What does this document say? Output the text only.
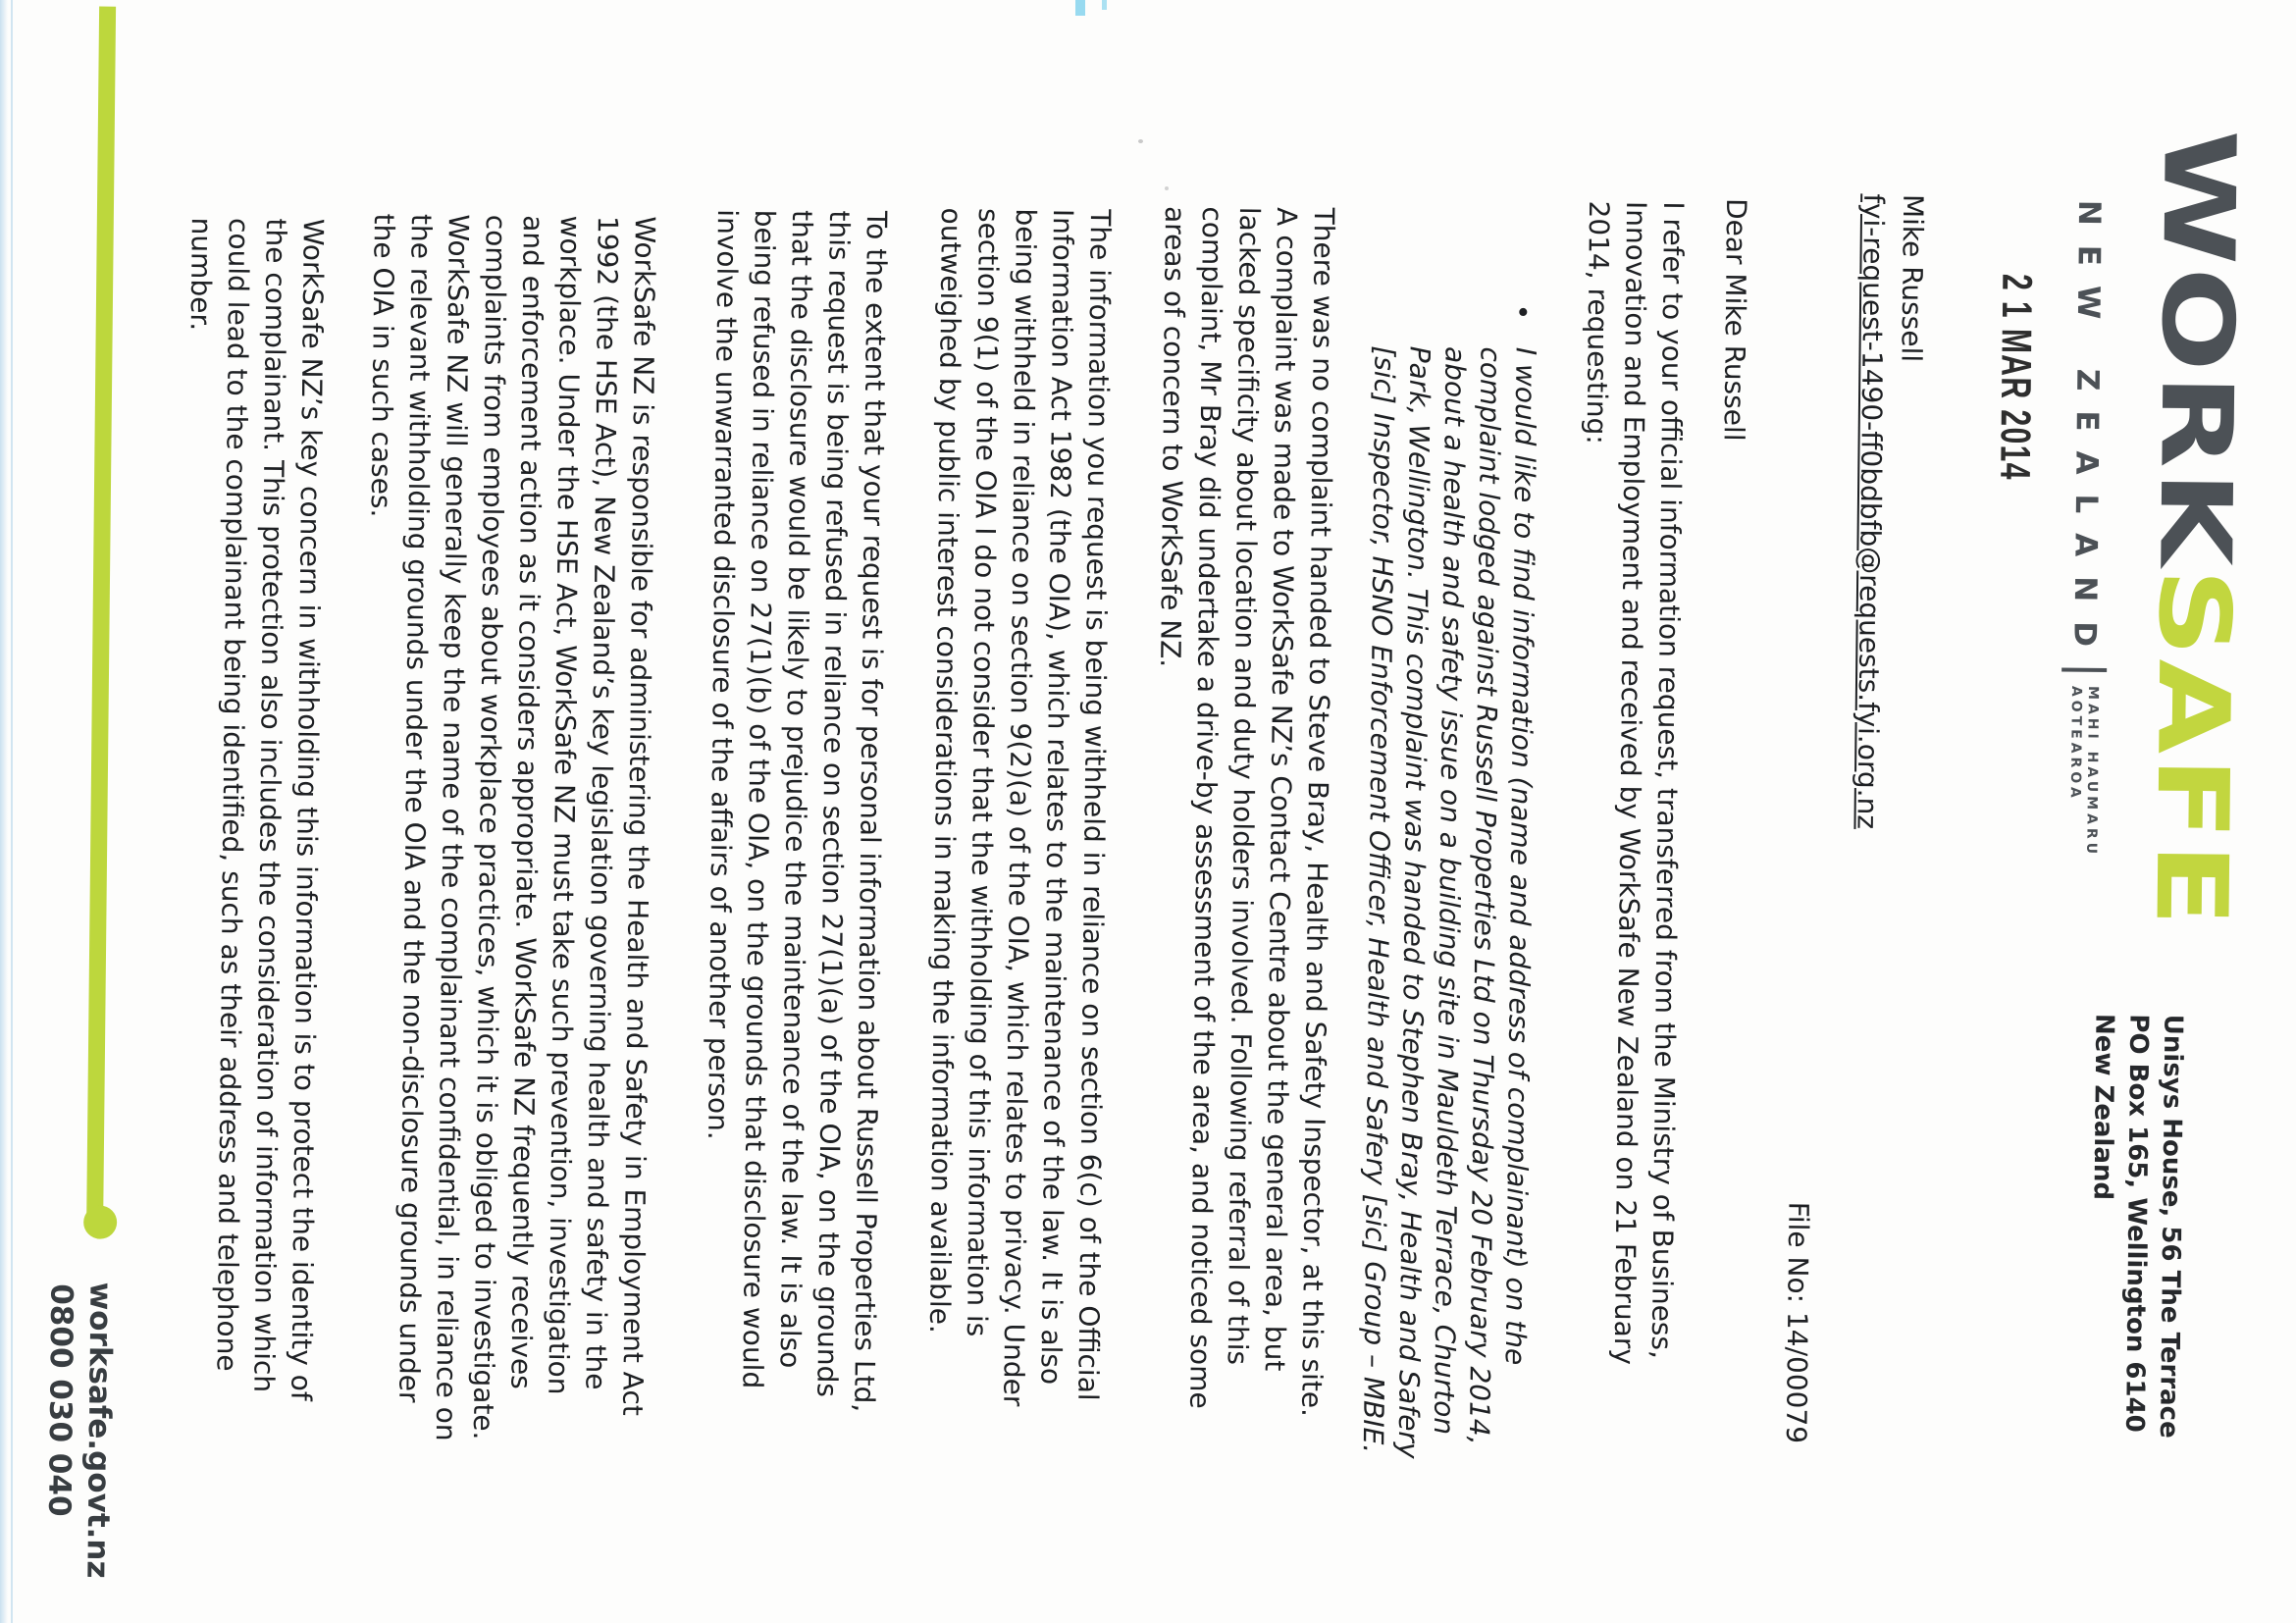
WORKSAFE
NEW ZEALAND
MAHI HAUMARU
AOTEAROA
Unisys House, 56 The Terrace
PO Box 165, Wellington 6140
New Zealand
2 1 MAR 2014
Mike Russell
fyi-request-1490-ff0bdbfb@requests.fyi.org.nz
File No: 14/00079
Dear Mike Russell
I refer to your official information request, transferred from the Ministry of Business,
Innovation and Employment and received by WorkSafe New Zealand on 21 February
2014, requesting:
•
I would like to find information (name and address of complainant) on the
complaint lodged against Russell Properties Ltd on Thursday 20 February 2014,
about a health and safety issue on a building site in Mauldeth Terrace, Churton
Park, Wellington. This complaint was handed to Stephen Bray, Health and Safery
[sic] Inspector, HSNO Enforcement Officer, Health and Safery [sic] Group – MBIE.
There was no complaint handed to Steve Bray, Health and Safety Inspector, at this site.
A complaint was made to WorkSafe NZ’s Contact Centre about the general area, but
lacked specificity about location and duty holders involved. Following referral of this
complaint, Mr Bray did undertake a drive-by assessment of the area, and noticed some
areas of concern to WorkSafe NZ.
The information you request is being withheld in reliance on section 6(c) of the Official
Information Act 1982 (the OIA), which relates to the maintenance of the law. It is also
being withheld in reliance on section 9(2)(a) of the OIA, which relates to privacy. Under
section 9(1) of the OIA I do not consider that the withholding of this information is
outweighed by public interest considerations in making the information available.
To the extent that your request is for personal information about Russell Properties Ltd,
this request is being refused in reliance on section 27(1)(a) of the OIA, on the grounds
that the disclosure would be likely to prejudice the maintenance of the law. It is also
being refused in reliance on 27(1)(b) of the OIA, on the grounds that disclosure would
involve the unwarranted disclosure of the affairs of another person.
WorkSafe NZ is responsible for administering the Health and Safety in Employment Act
1992 (the HSE Act), New Zealand’s key legislation governing health and safety in the
workplace. Under the HSE Act, WorkSafe NZ must take such prevention, investigation
and enforcement action as it considers appropriate. WorkSafe NZ frequently receives
complaints from employees about workplace practices, which it is obliged to investigate.
WorkSafe NZ will generally keep the name of the complainant confidential, in reliance on
the relevant withholding grounds under the OIA and the non-disclosure grounds under
the OIA in such cases.
WorkSafe NZ’s key concern in withholding this information is to protect the identity of
the complainant. This protection also includes the consideration of information which
could lead to the complainant being identified, such as their address and telephone
number.
worksafe.govt.nz
0800 030 040
